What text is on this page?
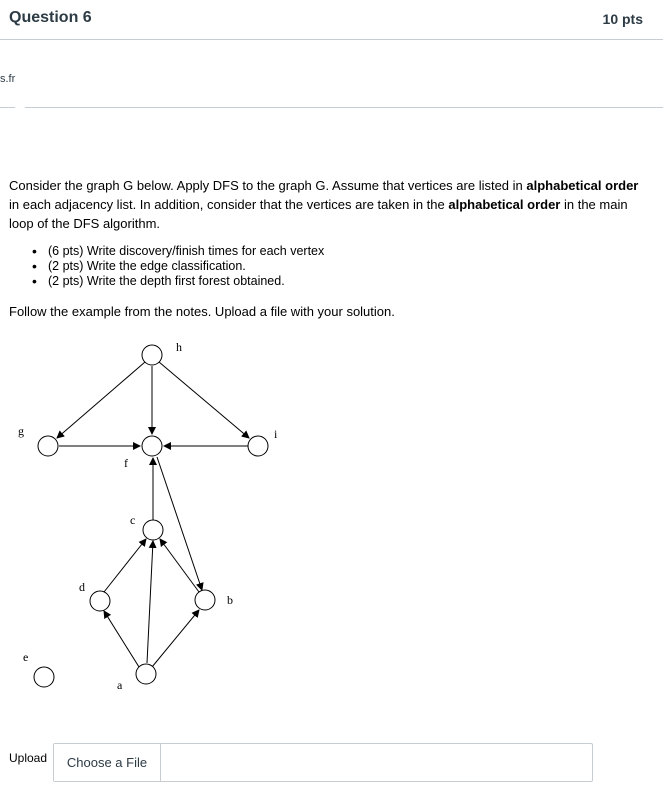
Question 6	10 pts
s.fr
Consider the graph G below. Apply DFS to the graph G. Assume that vertices are listed in alphabetical order in each adjacency list. In addition, consider that the vertices are taken in the alphabetical order in the main loop of the DFS algorithm.
• (6 pts) Write discovery/finish times for each vertex
• (2 pts) Write the edge classification.
• (2 pts) Write the depth first forest obtained.
Follow the example from the notes. Upload a file with your solution.
h
g
f
i
c
d
b
e
a
Upload	Choose a File
